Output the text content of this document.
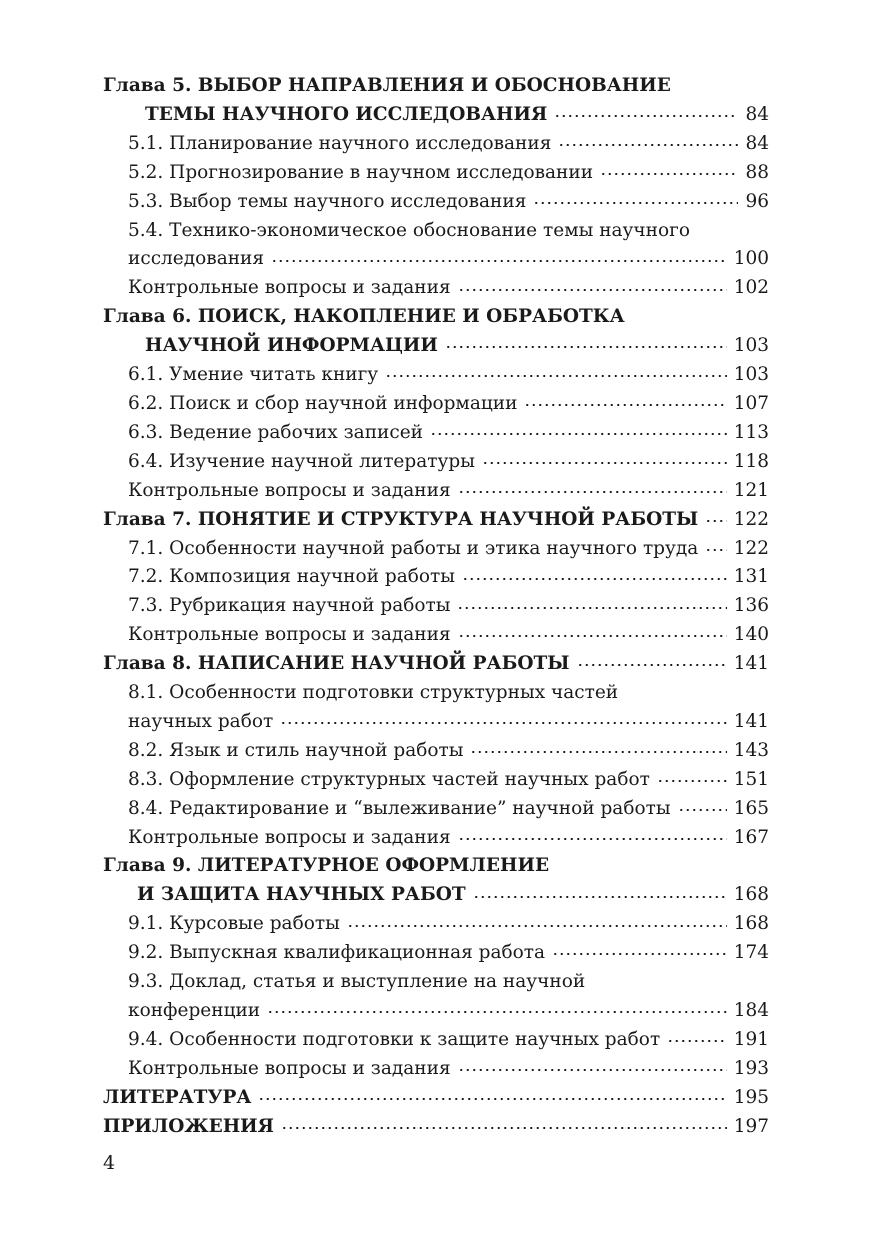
Глава 5. ВЫБОР НАПРАВЛЕНИЯ И ОБОСНОВАНИЕ
ТЕМЫ НАУЧНОГО ИССЛЕДОВАНИЯ	84
5.1. Планирование научного исследования	84
5.2. Прогнозирование в научном исследовании	88
5.3. Выбор темы научного исследования	96
5.4. Технико-экономическое обоснование темы научного
исследования	100
Контрольные вопросы и задания	102
Глава 6. ПОИСК, НАКОПЛЕНИЕ И ОБРАБОТКА
НАУЧНОЙ ИНФОРМАЦИИ	103
6.1. Умение читать книгу	103
6.2. Поиск и сбор научной информации	107
6.3. Ведение рабочих записей	113
6.4. Изучение научной литературы	118
Контрольные вопросы и задания	121
Глава 7. ПОНЯТИЕ И СТРУКТУРА НАУЧНОЙ РАБОТЫ 122
7.1. Особенности научной работы и этика научного труда 122
7.2. Композиция научной работы	131
7.3. Рубрикация научной работы	136
Контрольные вопросы и задания	140
Глава 8. НАПИСАНИЕ НАУЧНОЙ РАБОТЫ	141
8.1. Особенности подготовки структурных частей
научных работ	141
8.2. Язык и стиль научной работы	143
8.3. Оформление структурных частей научных работ	151
8.4. Редактирование и “вылеживание” научной работы	165
Контрольные вопросы и задания	167
Глава 9. ЛИТЕРАТУРНОЕ ОФОРМЛЕНИЕ
И ЗАЩИТА НАУЧНЫХ РАБОТ	168
9.1. Курсовые работы	168
9.2. Выпускная квалификационная работа	174
9.3. Доклад, статья и выступление на научной
конференции	184
9.4. Особенности подготовки к защите научных работ	191
Контрольные вопросы и задания	193
ЛИТЕРАТУРА	195
ПРИЛОЖЕНИЯ	197
4
